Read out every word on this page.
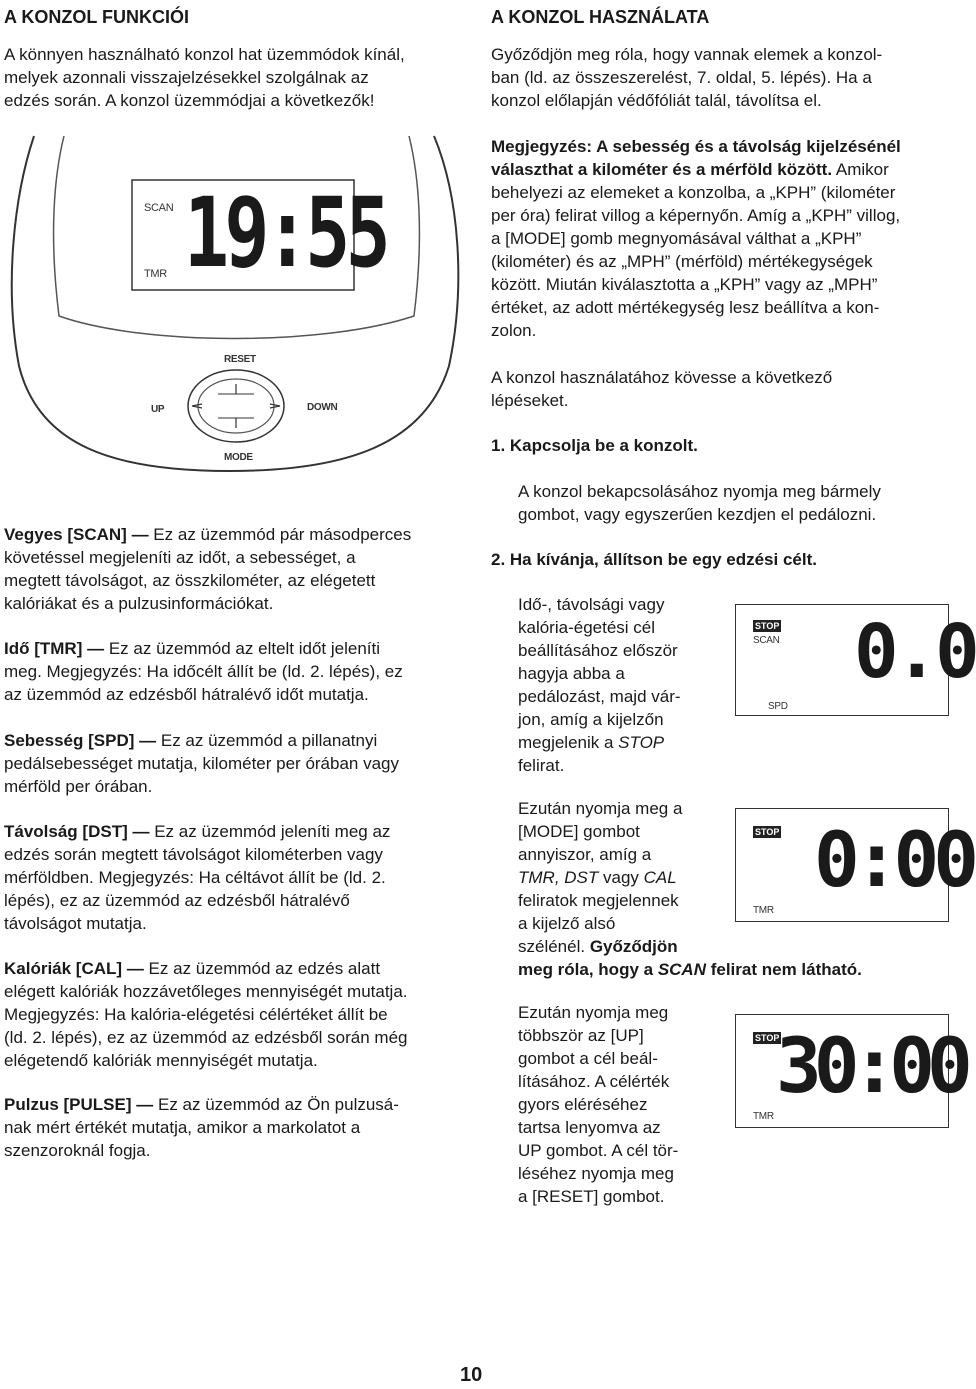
A KONZOL FUNKCIÓI
A könnyen használható konzol hat üzemmódok kínál,
melyek azonnali visszajelzésekkel szolgálnak az
edzés során. A konzol üzemmódjai a következők!
SCAN
TMR 19:55
RESET
UP	DOWN
MODE
Vegyes [SCAN] — Ez az üzemmód pár másodperces
követéssel megjeleníti az időt, a sebességet, a
megtett távolságot, az összkilométer, az elégetett
kalóriákat és a pulzusinformációkat.
Idő [TMR] — Ez az üzemmód az eltelt időt jeleníti
meg. Megjegyzés: Ha időcélt állít be (ld. 2. lépés), ez
az üzemmód az edzésből hátralévő időt mutatja.
Sebesség [SPD] — Ez az üzemmód a pillanatnyi
pedálsebességet mutatja, kilométer per órában vagy
mérföld per órában.
Távolság [DST] — Ez az üzemmód jeleníti meg az
edzés során megtett távolságot kilométerben vagy
mérföldben. Megjegyzés: Ha céltávot állít be (ld. 2.
lépés), ez az üzemmód az edzésből hátralévő
távolságot mutatja.
Kalóriák [CAL] — Ez az üzemmód az edzés alatt
elégett kalóriák hozzávetőleges mennyiségét mutatja.
Megjegyzés: Ha kalória-elégetési célértéket állít be
(ld. 2. lépés), ez az üzemmód az edzésből során még
elégetendő kalóriák mennyiségét mutatja.
Pulzus [PULSE] — Ez az üzemmód az Ön pulzusá-
nak mért értékét mutatja, amikor a markolatot a
szenzoroknál fogja.
A KONZOL HASZNÁLATA
Győződjön meg róla, hogy vannak elemek a konzol-
ban (ld. az összeszerelést, 7. oldal, 5. lépés). Ha a
konzol előlapján védőfóliát talál, távolítsa el.
Megjegyzés: A sebesség és a távolság kijelzésénél
választhat a kilométer és a mérföld között. Amikor
behelyezi az elemeket a konzolba, a „KPH” (kilométer
per óra) felirat villog a képernyőn. Amíg a „KPH” villog,
a [MODE] gomb megnyomásával válthat a „KPH”
(kilométer) és az „MPH” (mérföld) mértékegységek
között. Miután kiválasztotta a „KPH” vagy az „MPH”
értéket, az adott mértékegység lesz beállítva a kon-
zolon.
A konzol használatához kövesse a következő
lépéseket.
1. Kapcsolja be a konzolt.
A konzol bekapcsolásához nyomja meg bármely
gombot, vagy egyszerűen kezdjen el pedálozni.
2. Ha kívánja, állítson be egy edzési célt.
Idő-, távolsági vagy
kalória-égetési cél
beállításához először
hagyja abba a
pedálozást, majd vár-
jon, amíg a kijelzőn
megjelenik a STOP
felirat.
Ezután nyomja meg a
[MODE] gombot
annyiszor, amíg a
TMR, DST vagy CAL
feliratok megjelennek
a kijelző alsó
szélénél. Győződjön
meg róla, hogy a SCAN felirat nem látható.
Ezután nyomja meg
többször az [UP]
gombot a cél beál-
lításához. A célérték
gyors eléréséhez
tartsa lenyomva az
UP gombot. A cél tör-
léséhez nyomja meg
a [RESET] gombot.
STOP
SCAN
SPD
0.0
STOP
TMR
0:00
STOP
TMR
30:00
10
